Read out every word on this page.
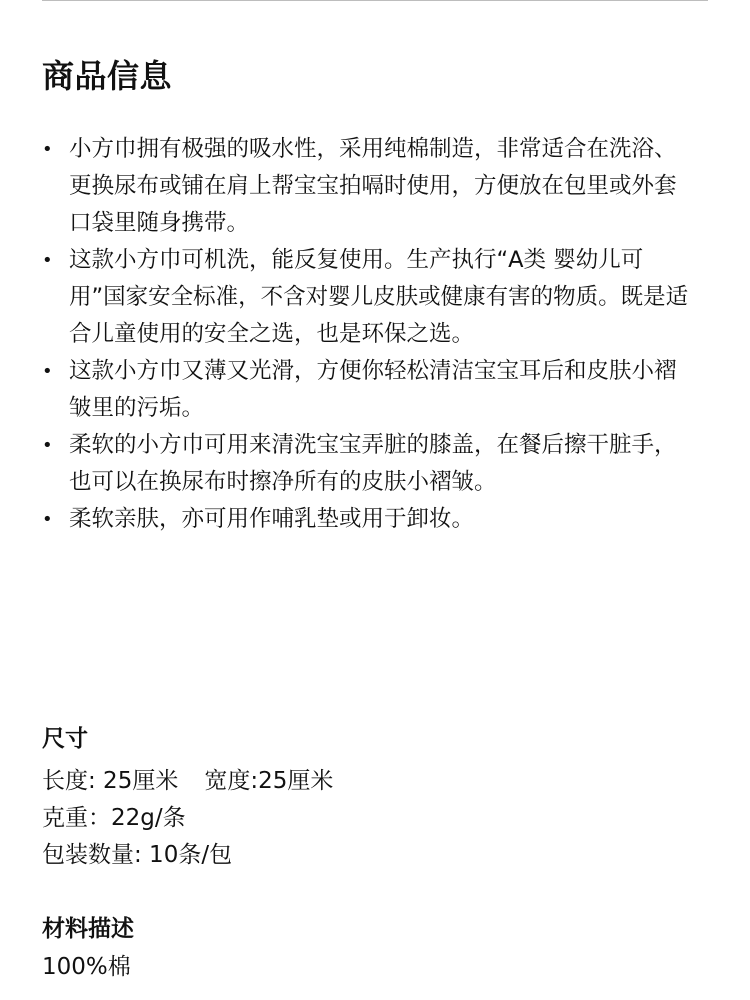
商品信息
• 小方巾拥有极强的吸水性，采用纯棉制造，非常适合在洗浴、更换尿布或铺在肩上帮宝宝拍嗝时使用，方便放在包里或外套口袋里随身携带。
• 这款小方巾可机洗，能反复使用。生产执行“A类 婴幼儿可用”国家安全标准，不含对婴儿皮肤或健康有害的物质。既是适合儿童使用的安全之选，也是环保之选。
• 这款小方巾又薄又光滑，方便你轻松清洁宝宝耳后和皮肤小褶皱里的污垢。
• 柔软的小方巾可用来清洗宝宝弄脏的膝盖，在餐后擦干脏手，也可以在换尿布时擦净所有的皮肤小褶皱。
• 柔软亲肤，亦可用作哺乳垫或用于卸妆。
尺寸
长度: 25厘米 宽度:25厘米
克重：22g/条
包装数量: 10条/包
材料描述
100%棉
